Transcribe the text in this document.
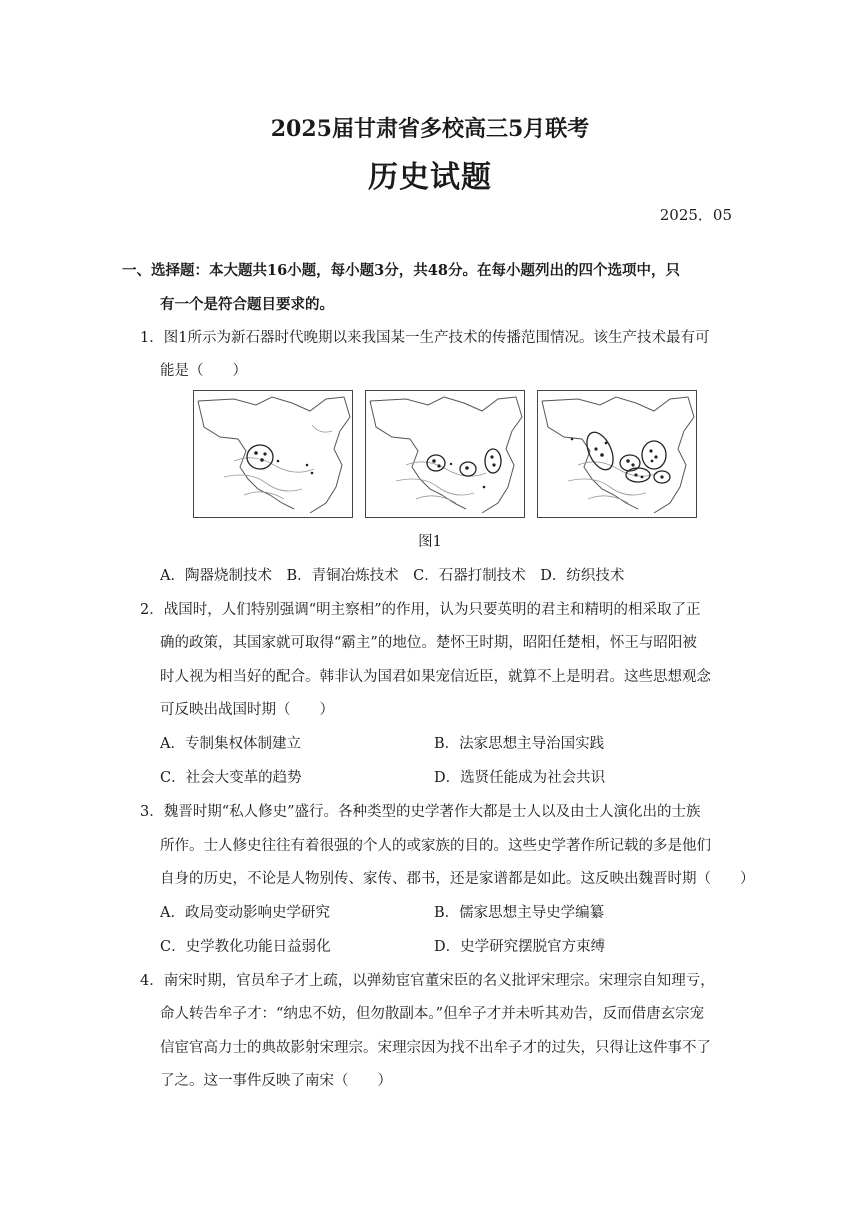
2025届甘肃省多校高三5月联考
历史试题
2025．05
一、选择题：本大题共16小题，每小题3分，共48分。在每小题列出的四个选项中，只
有一个是符合题目要求的。
1．图1所示为新石器时代晚期以来我国某一生产技术的传播范围情况。该生产技术最有可
能是（　　）
图1
A．陶器烧制技术　B．青铜冶炼技术　C．石器打制技术　D．纺织技术
2．战国时，人们特别强调“明主察相”的作用，认为只要英明的君主和精明的相采取了正
确的政策，其国家就可取得“霸主”的地位。楚怀王时期，昭阳任楚相，怀王与昭阳被
时人视为相当好的配合。韩非认为国君如果宠信近臣，就算不上是明君。这些思想观念
可反映出战国时期（　　）
A．专制集权体制建立	B．法家思想主导治国实践
C．社会大变革的趋势	D．选贤任能成为社会共识
3．魏晋时期“私人修史”盛行。各种类型的史学著作大都是士人以及由士人演化出的士族
所作。士人修史往往有着很强的个人的或家族的目的。这些史学著作所记载的多是他们
自身的历史，不论是人物别传、家传、郡书，还是家谱都是如此。这反映出魏晋时期（　　）
A．政局变动影响史学研究	B．儒家思想主导史学编纂
C．史学教化功能日益弱化	D．史学研究摆脱官方束缚
4．南宋时期，官员牟子才上疏，以弹劾宦官董宋臣的名义批评宋理宗。宋理宗自知理亏，
命人转告牟子才：“纳忠不妨，但勿散副本。”但牟子才并未听其劝告，反而借唐玄宗宠
信宦官高力士的典故影射宋理宗。宋理宗因为找不出牟子才的过失，只得让这件事不了
了之。这一事件反映了南宋（　　）
